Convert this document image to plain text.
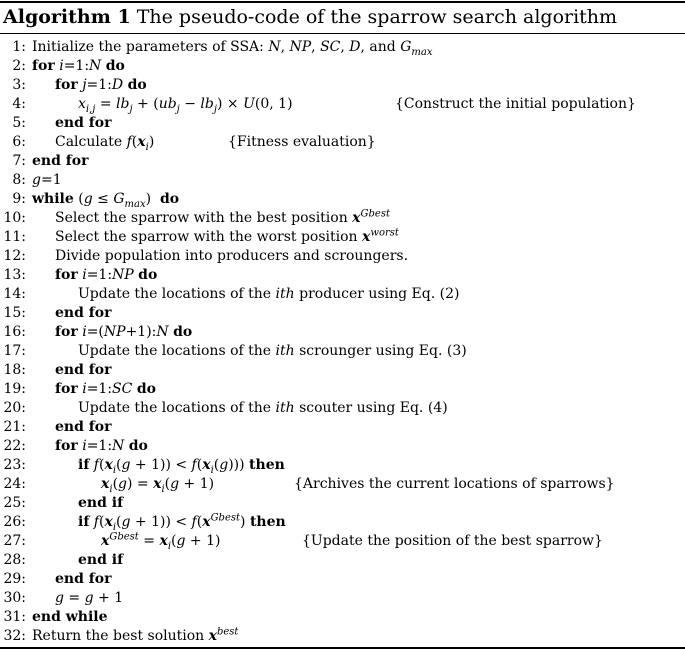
Algorithm 1 The pseudo-code of the sparrow search algorithm
1: Initialize the parameters of SSA: N, NP, SC, D, and $G_{max}$
2: for i=1:N do
3: for j=1:D do
4:	$x_{i,j} = lb_j + (ub_j - lb_j) \times U(0$, 1)	{Construct the initial population}
5: end for
6: Calculate $f(x_i)$	{Fitness evaluation}
7: end for
8: g=1
9: while $(g \le G_{max})$  do
10: Select the sparrow with the best position $x^{Gbest}$
11: Select the sparrow with the worst position $x^{worst}$
12: Divide population into producers and scroungers.
13: for i=1:NP do
14:	Update the locations of the ith producer using Eq. (2)
15: end for
16: for i=(NP+1):N do
17:	Update the locations of the ith scrounger using Eq. (3)
18: end for
19: for i=1:SC do
20:	Update the locations of the ith scouter using Eq. (4)
21: end for
22: for i=1:N do
23:	if $f(x_i(g + 1)) < f(x_i(g))$) then
24:	$x_i(g) = x_i(g + 1)$	{Archives the current locations of sparrows}
25:	end if
26:	if $f(x_i(g + 1)) < f(x^{Gbest})$ then
27:	$x^{Gbest} = x_i(g + 1)$	{Update the position of the best sparrow}
28:	end if
29: end for
30: g = g + 1
31: end while
32: Return the best solution $x^{best}$
